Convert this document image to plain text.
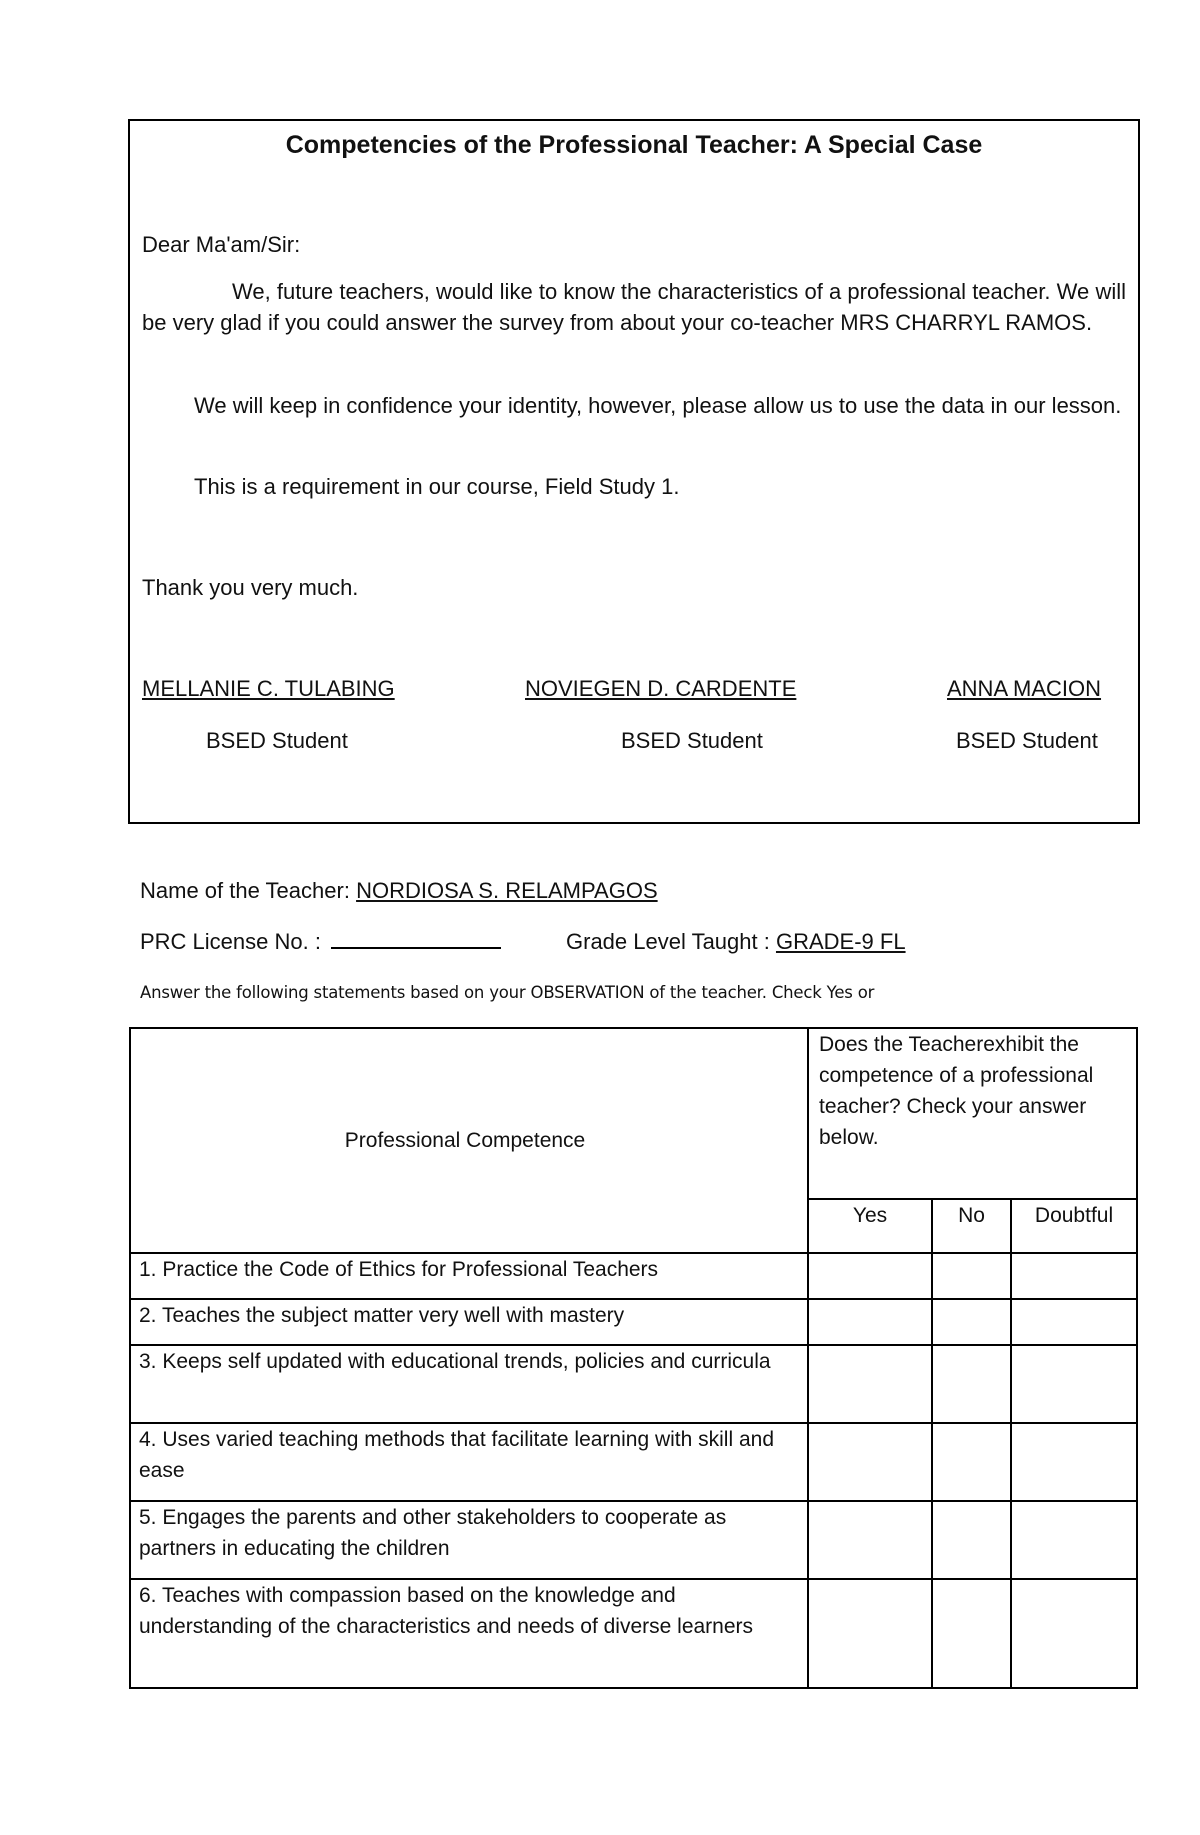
Competencies of the Professional Teacher: A Special Case
Dear Ma'am/Sir:
We, future teachers, would like to know the characteristics of a professional teacher. We will be very glad if you could answer the survey from about your co-teacher MRS CHARRYL RAMOS.
We will keep in confidence your identity, however, please allow us to use the data in our lesson.
This is a requirement in our course, Field Study 1.
Thank you very much.
MELLANIE C. TULABING	NOVIEGEN D. CARDENTE	ANNA MACION
BSED Student	BSED Student	BSED Student
Name of the Teacher: NORDIOSA S. RELAMPAGOS
PRC License No. :	Grade Level Taught : GRADE-9 FL
Answer the following statements based on your OBSERVATION of the teacher. Check Yes or
Professional Competence	Does the Teacherexhibit the competence of a professional teacher? Check your answer below.		
	Yes	No	Doubtful
1. Practice the Code of Ethics for Professional Teachers			
2. Teaches the subject matter very well with mastery			
3. Keeps self updated with educational trends, policies and curricula			
4. Uses varied teaching methods that facilitate learning with skill and ease			
5. Engages the parents and other stakeholders to cooperate as partners in educating the children			
6. Teaches with compassion based on the knowledge and understanding of the characteristics and needs of diverse learners			
